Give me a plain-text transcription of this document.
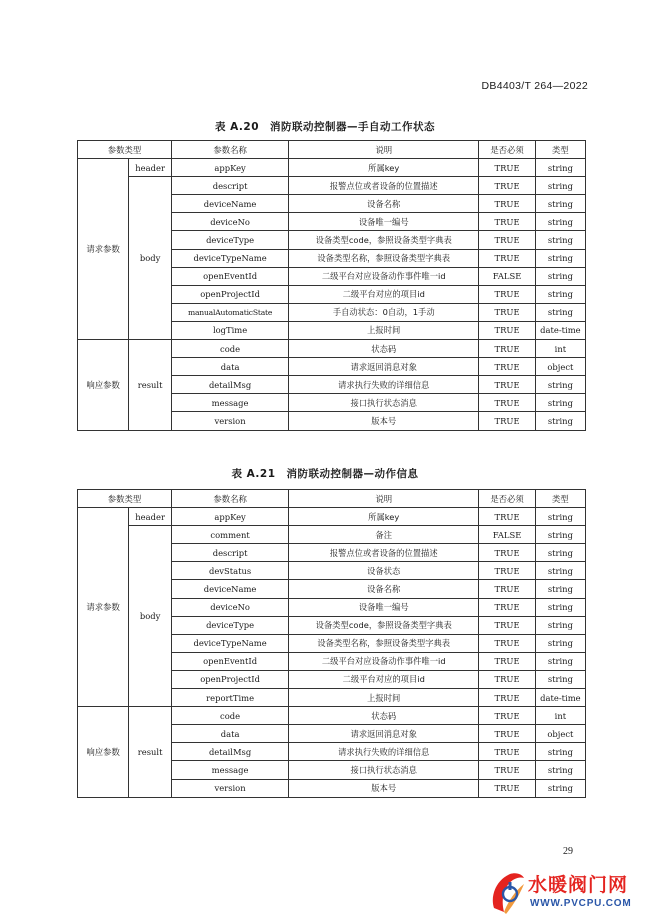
DB4403/T 264—2022
表 A.20　消防联动控制器—手自动工作状态
参数类型		参数名称	说明	是否必须	类型
请求参数	header	appKey	所属key	TRUE	string
	body	descript	报警点位或者设备的位置描述	TRUE	string
		deviceName	设备名称	TRUE	string
		deviceNo	设备唯一编号	TRUE	string
		deviceType	设备类型code，参照设备类型字典表	TRUE	string
		deviceTypeName	设备类型名称，参照设备类型字典表	TRUE	string
		openEventId	二级平台对应设备动作事件唯一id	FALSE	string
		openProjectId	二级平台对应的项目id	TRUE	string
		manualAutomaticState	手自动状态：0自动，1手动	TRUE	string
		logTime	上报时间	TRUE	date-time
响应参数	result	code	状态码	TRUE	int
		data	请求返回消息对象	TRUE	object
		detailMsg	请求执行失败的详细信息	TRUE	string
		message	接口执行状态消息	TRUE	string
		version	版本号	TRUE	string
表 A.21　消防联动控制器—动作信息
参数类型		参数名称	说明	是否必须	类型
请求参数	header	appKey	所属key	TRUE	string
	body	comment	备注	FALSE	string
		descript	报警点位或者设备的位置描述	TRUE	string
		devStatus	设备状态	TRUE	string
		deviceName	设备名称	TRUE	string
		deviceNo	设备唯一编号	TRUE	string
		deviceType	设备类型code，参照设备类型字典表	TRUE	string
		deviceTypeName	设备类型名称，参照设备类型字典表	TRUE	string
		openEventId	二级平台对应设备动作事件唯一id	TRUE	string
		openProjectId	二级平台对应的项目id	TRUE	string
		reportTime	上报时间	TRUE	date-time
响应参数	result	code	状态码	TRUE	int
		data	请求返回消息对象	TRUE	object
		detailMsg	请求执行失败的详细信息	TRUE	string
		message	接口执行状态消息	TRUE	string
		version	版本号	TRUE	string
29
水暖阀门网
WWW.PVCPU.COM
